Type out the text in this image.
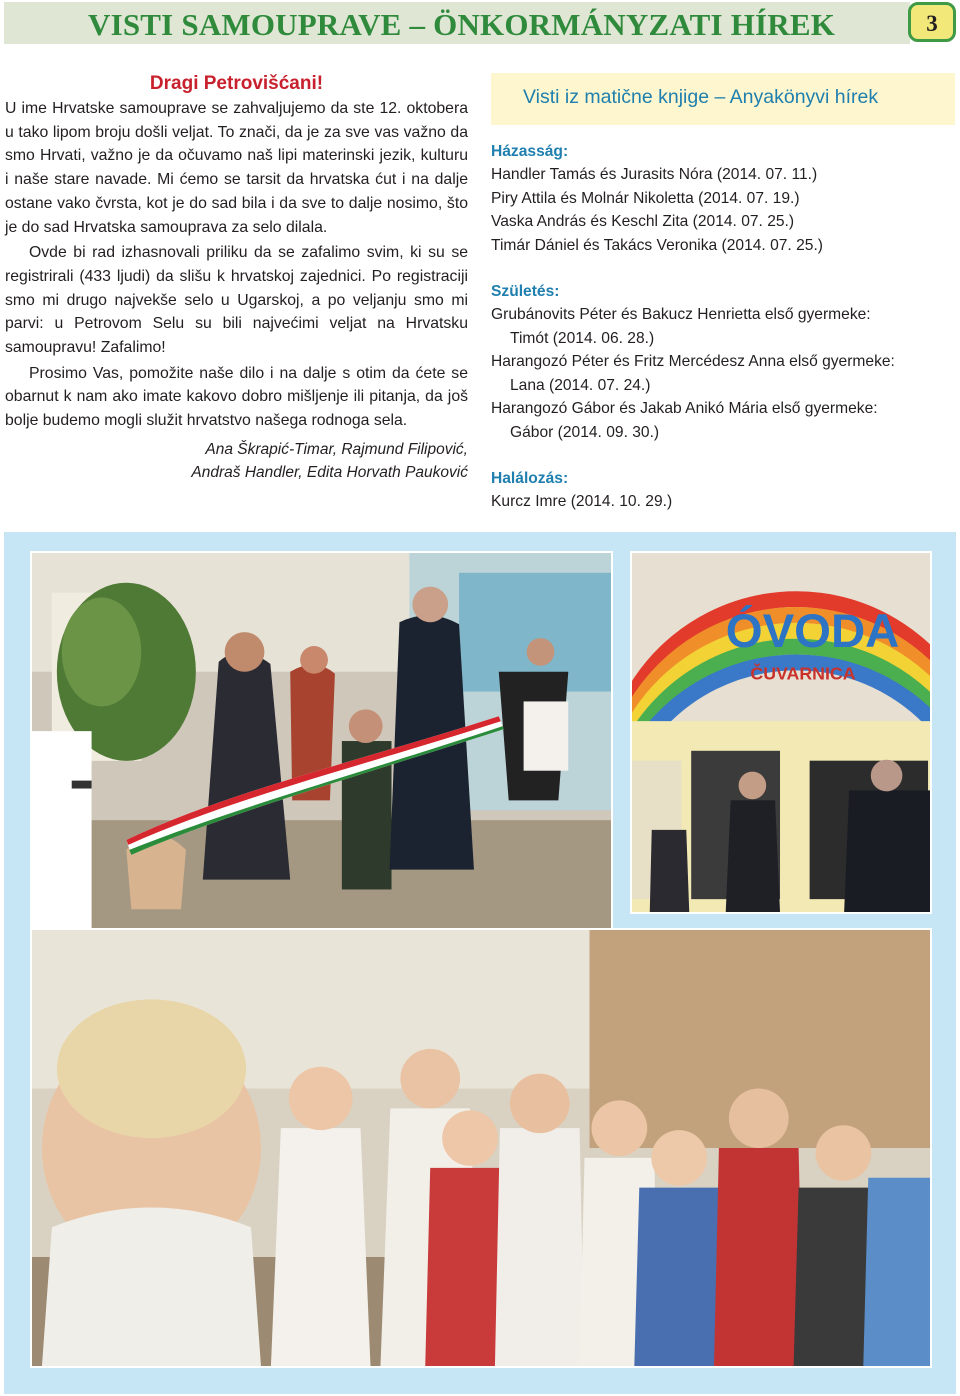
VISTI SAMOUPRAVE – ÖNKORMÁNYZATI HÍREK	3
Dragi Petrovišćani!

U ime Hrvatske samouprave se zahvaljujemo da ste 12. oktobera u tako lipom broju došli veljat. To znači, da je za sve vas važno da smo Hrvati, važno je da očuvamo naš lipi materinski jezik, kulturu i naše stare navade. Mi ćemo se tarsit da hrvatska ćut i na dalje ostane vako čvrsta, kot je do sad bila i da sve to dalje nosimo, što je do sad Hrvatska samouprava za selo dilala.

Ovde bi rad izhasnovali priliku da se zafalimo svim, ki su se registrirali (433 ljudi) da slišu k hrvatskoj zajednici. Po registraciji smo mi drugo najvekše selo u Ugarskoj, a po veljanju smo mi parvi: u Petrovom Selu su bili najvećimi veljat na Hrvatsku samoupravu! Zafalimo!

Prosimo Vas, pomožite naše dilo i na dalje s otim da ćete se obarnut k nam ako imate kakovo dobro mišljenje ili pitanja, da još bolje budemo mogli služit hrvatstvo našega rodnoga sela.

Ana Škrapić-Timar, Rajmund Filipović,
Andraš Handler, Edita Horvath Pauković
Visti iz matične knjige – Anyakönyvi hírek
Házasság:
Handler Tamás és Jurasits Nóra (2014. 07. 11.)
Piry Attila és Molnár Nikoletta (2014. 07. 19.)
Vaska András és Keschl Zita (2014. 07. 25.)
Timár Dániel és Takács Veronika (2014. 07. 25.)
Születés:
Grubánovits Péter és Bakucz Henrietta első gyermeke:
Timót (2014. 06. 28.)
Harangozó Péter és Fritz Mercédesz Anna első gyermeke:
Lana (2014. 07. 24.)
Harangozó Gábor és Jakab Anikó Mária első gyermeke:
Gábor (2014. 09. 30.)
Halálozás:
Kurcz Imre (2014. 10. 29.)
ÓVODA
ČUVARNICA
